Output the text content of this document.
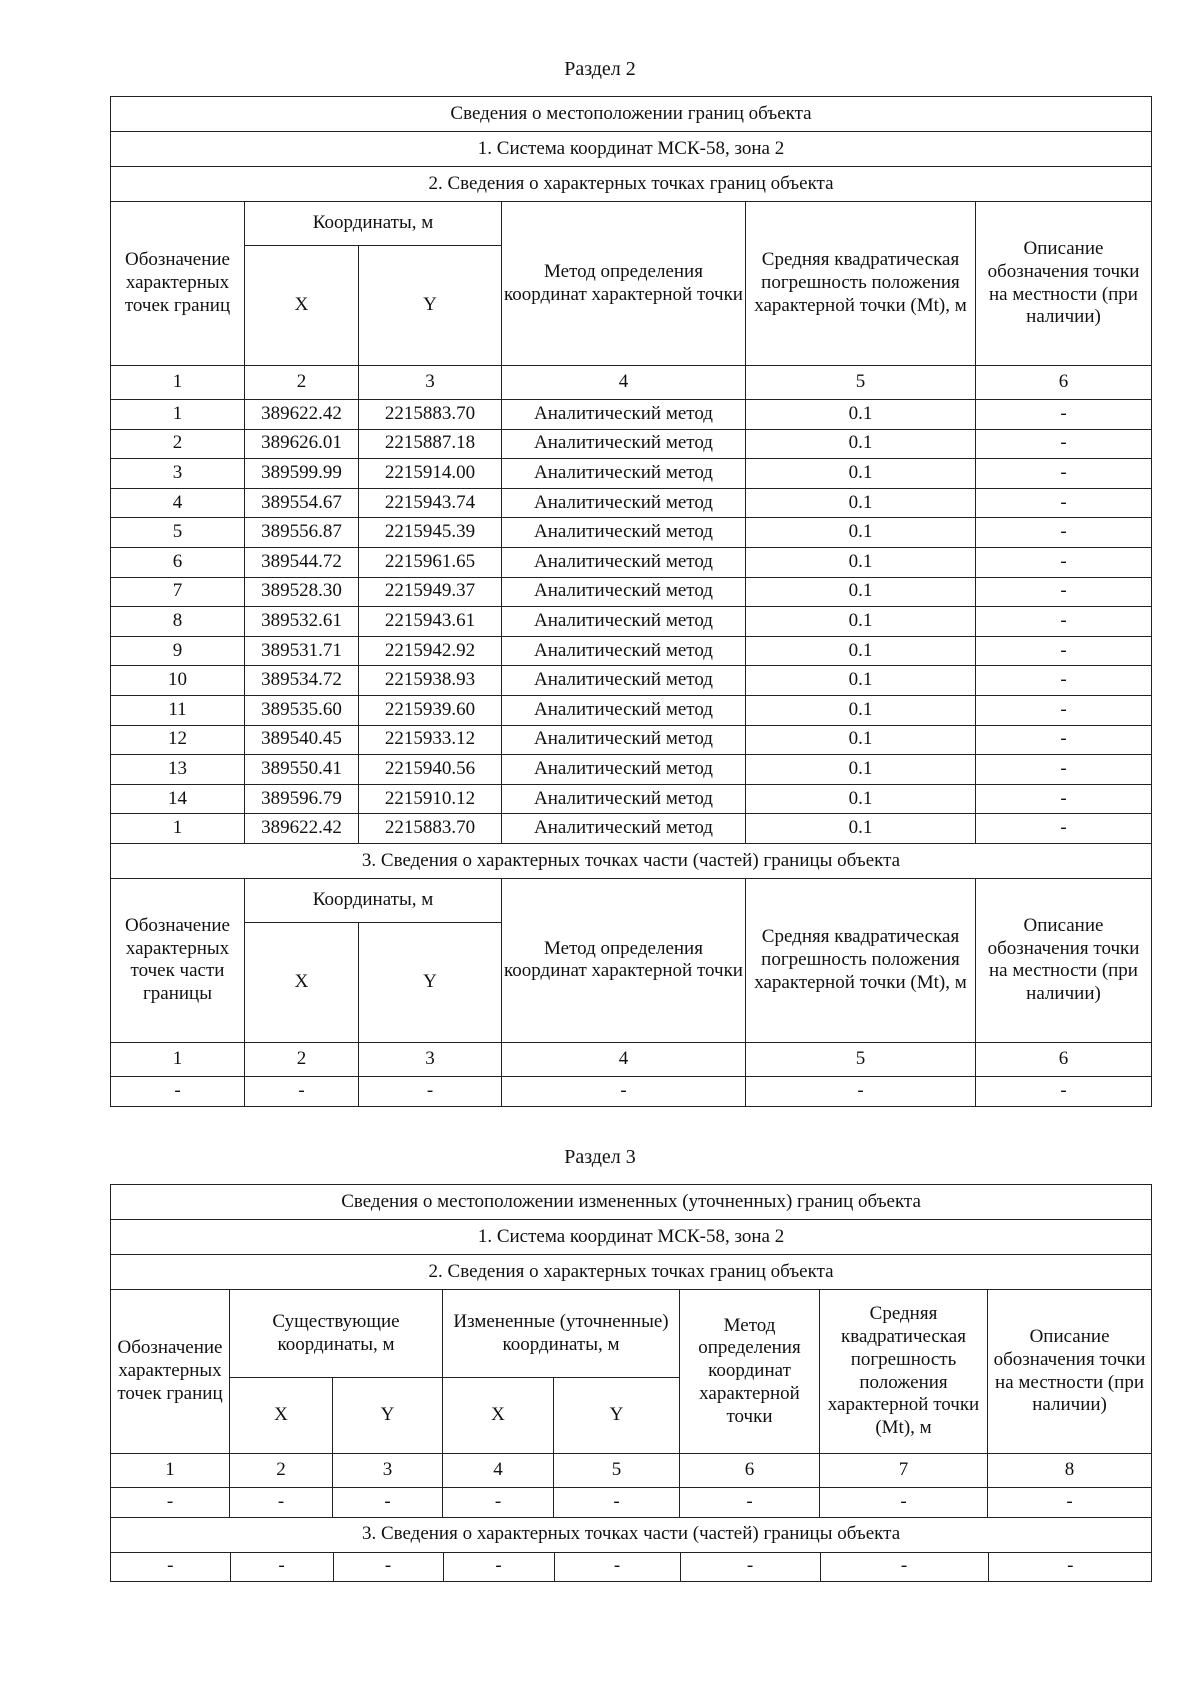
Раздел 2
Сведения о местоположении границ объекта					
1. Система координат МСК-58, зона 2					
2. Сведения о характерных точках границ объекта					
Обозначение характерных точек границ	Координаты, м		Метод определения координат характерной точки	Средняя квадратическая погрешность положения характерной точки (Mt), м	Описание обозначения точки на местности (при наличии)
	X	Y			
1	2	3	4	5	6
1	389622.42	2215883.70	Аналитический метод	0.1	-
2	389626.01	2215887.18	Аналитический метод	0.1	-
3	389599.99	2215914.00	Аналитический метод	0.1	-
4	389554.67	2215943.74	Аналитический метод	0.1	-
5	389556.87	2215945.39	Аналитический метод	0.1	-
6	389544.72	2215961.65	Аналитический метод	0.1	-
7	389528.30	2215949.37	Аналитический метод	0.1	-
8	389532.61	2215943.61	Аналитический метод	0.1	-
9	389531.71	2215942.92	Аналитический метод	0.1	-
10	389534.72	2215938.93	Аналитический метод	0.1	-
11	389535.60	2215939.60	Аналитический метод	0.1	-
12	389540.45	2215933.12	Аналитический метод	0.1	-
13	389550.41	2215940.56	Аналитический метод	0.1	-
14	389596.79	2215910.12	Аналитический метод	0.1	-
1	389622.42	2215883.70	Аналитический метод	0.1	-
3. Сведения о характерных точках части (частей) границы объекта					
Обозначение характерных точек части границы	Координаты, м		Метод определения координат характерной точки	Средняя квадратическая погрешность положения характерной точки (Mt), м	Описание обозначения точки на местности (при наличии)
	X	Y			
1	2	3	4	5	6
-	-	-	-	-	-
Раздел 3
Сведения о местоположении измененных (уточненных) границ объекта
1. Система координат МСК-58, зона 2
2. Сведения о характерных точках границ объекта
Обозначение характерных точек границ	Существующие координаты, м	Измененные (уточненные) координаты, м	Метод определения координат характерной точки	Средняя квадратическая погрешность положения характерной точки (Mt), м	Описание обозначения точки на местности (при наличии)
X	Y	X	Y
1	2	3	4	5	6	7	8
-	-	-	-	-	-	-	-
3. Сведения о характерных точках части (частей) границы объекта

-	-	-	-	-	-	-	-
